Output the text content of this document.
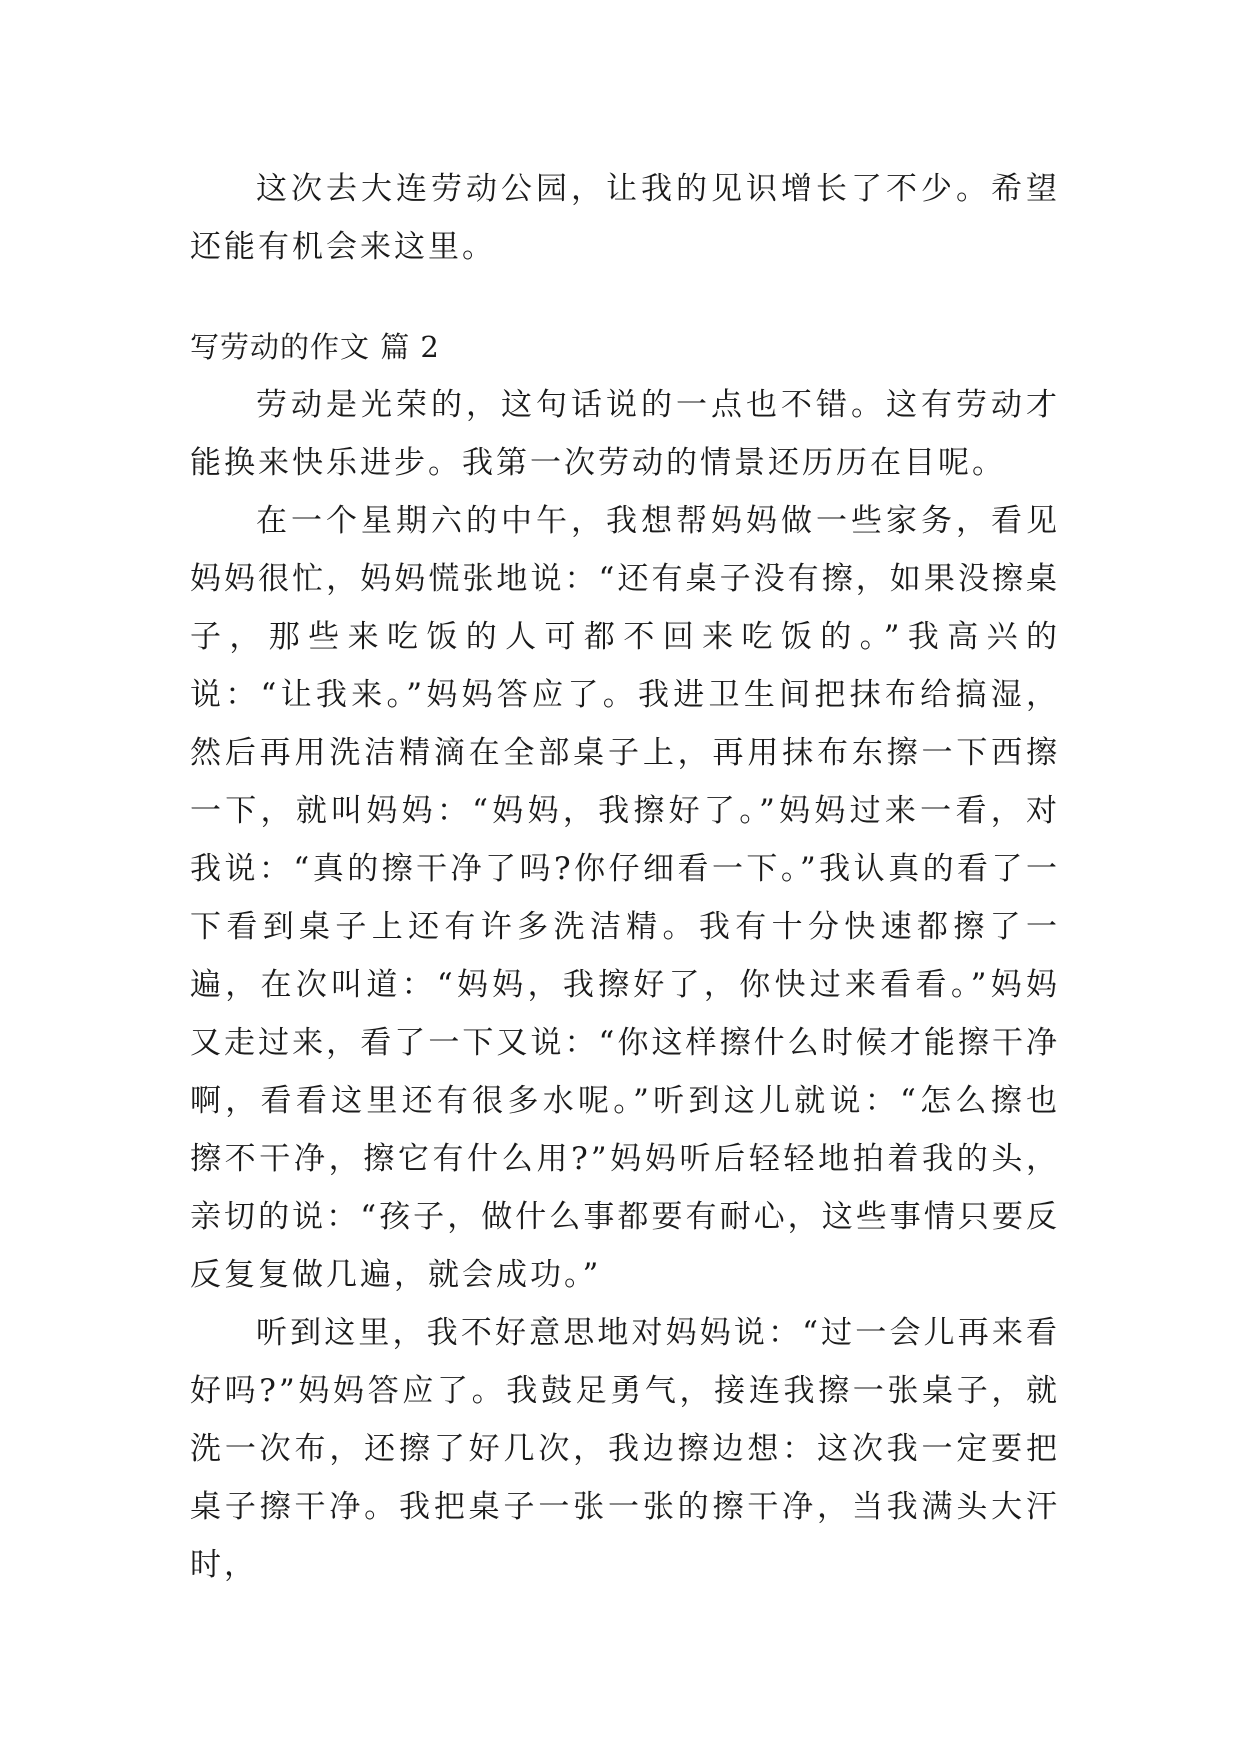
这次去大连劳动公园，让我的见识增长了不少。希望还能有机会来这里。

写劳动的作文 篇 2

劳动是光荣的，这句话说的一点也不错。这有劳动才能换来快乐进步。我第一次劳动的情景还历历在目呢。

在一个星期六的中午，我想帮妈妈做一些家务，看见妈妈很忙，妈妈慌张地说：“还有桌子没有擦，如果没擦桌子，那些来吃饭的人可都不回来吃饭的。”我高兴的说：“让我来。”妈妈答应了。我进卫生间把抹布给搞湿，然后再用洗洁精滴在全部桌子上，再用抹布东擦一下西擦一下，就叫妈妈：“妈妈，我擦好了。”妈妈过来一看，对我说：“真的擦干净了吗?你仔细看一下。”我认真的看了一下看到桌子上还有许多洗洁精。我有十分快速都擦了一遍，在次叫道：“妈妈，我擦好了，你快过来看看。”妈妈又走过来，看了一下又说：“你这样擦什么时候才能擦干净啊，看看这里还有很多水呢。”听到这儿就说：“怎么擦也擦不干净，擦它有什么用?”妈妈听后轻轻地拍着我的头，亲切的说：“孩子，做什么事都要有耐心，这些事情只要反反复复做几遍，就会成功。”

听到这里，我不好意思地对妈妈说：“过一会儿再来看好吗?”妈妈答应了。我鼓足勇气，接连我擦一张桌子，就洗一次布，还擦了好几次，我边擦边想：这次我一定要把桌子擦干净。我把桌子一张一张的擦干净，当我满头大汗时，
